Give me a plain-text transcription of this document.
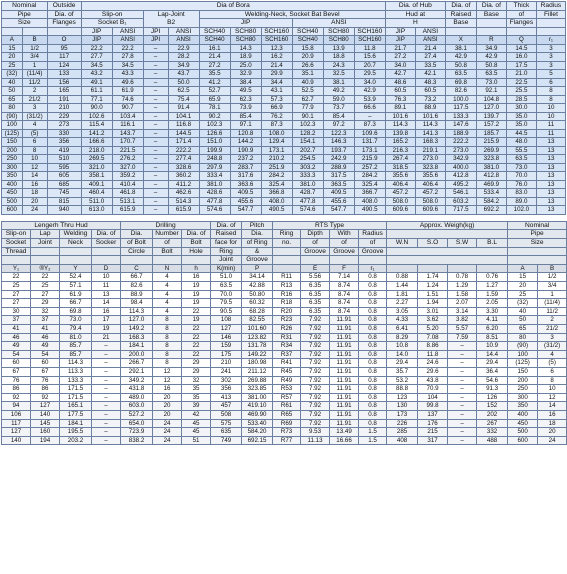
Nominal		Outside	Dia of Bora										Dia. of Hub		Dia. of	Dia. of	Thick	Radius
Pipe		Dia. of	Slip-on		Lap-Joint
B2		Welding-Neck, Socket Bat Bevel						Hud at		Raised	Base	of	Fillet
Size		Flanges	Socket B₁				JIP			ANSI			H		Base		Flanges	
			JIP	ANSI	JPI	ANSI	SCH40	SCH80	SCH160	SCH40	SCH80	SCH160	JIP	ANSI				
A	B	O	JIP	ANSI	JPI	ANSI	SCH40	SCH80	SCH160	SCH40	SCH80	SCH160	JIP	ANSI	X	R	Q	r₁
15	1/2	95	22.2	22.2	–	22.9	16.1	14.3	12.3	15.8	13.9	11.8	21.7	21.4	38.1	34.9	14.5	3
20	3/4	117	27.7	27.8	–	28.2	21.4	18.9	16.2	20.9	18.8	15.6	27.2	27.4	42.9	42.9	16.0	3
25	1	124	34.5	34.5	–	34.9	27.2	25.0	21.4	26.6	24.3	20.7	34.0	33.5	50.8	50.8	17.5	3
(32)	(11/4)	133	43.2	43.3	–	43.7	35.5	32.9	29.9	35.1	32.5	29.5	42.7	42.1	63.5	63.5	21.0	5
40	11/2	156	49.1	49.6	–	50.0	41.2	38.4	34.4	40.9	38.1	34.0	48.6	48.3	69.8	73.0	22.5	6
50	2	165	61.1	61.9	–	62.5	52.7	49.5	43.1	52.5	49.2	42.9	60.5	60.5	82.6	92.1	25.5	8
65	21/2	191	77.1	74.6	–	75.4	65.9	62.3	57.3	62.7	59.0	53.9	76.3	73.2	100.0	104.8	28.5	8
80	3	210	90.0	90.7	–	91.4	78.1	73.9	66.9	77.9	73.7	66.6	89.1	88.9	117.5	127.0	30.0	10
(90)	(31/2)	229	102.6	103.4	–	104.1	90.2	85.4	76.2	90.1	85.4	–	101.6	101.6	133.3	139.7	35.0	10
100	4	273	115.4	116.1	–	116.8	102.3	97.1	87.3	102.3	97.2	87.3	114.3	114.3	147.6	157.2	35.0	11
(125)	(5)	330	141.2	143.7	–	144.5	126.6	120.8	108.0	128.2	122.3	109.6	139.8	141.3	188.9	185.7	44.5	11
150	6	356	166.6	170.7	–	171.4	151.0	144.2	129.4	154.1	146.3	131.7	165.2	168.3	222.2	215.9	48.0	13
200	8	419	218.0	221.5	–	222.2	199.9	190.9	173.1	202.7	193.7	173.1	216.3	219.1	273.0	269.9	55.5	13
250	10	510	269.5	276.2	–	277.4	248.8	237.2	210.2	254.5	242.9	215.9	267.4	273.0	342.9	323.8	63.5	13
300	12	595	321.0	327.0	–	328.6	297.9	283.7	251.9	303.2	288.9	257.2	318.5	323.8	400.0	381.0	73.0	13
350	14	605	358.1	359.2	–	360.2	333.4	317.6	284.2	333.3	317.5	284.2	355.6	355.6	412.8	412.8	70.0	13
400	16	685	409.1	410.4	–	411.2	381.0	363.6	325.4	381.0	363.5	325.4	406.4	406.4	495.2	469.9	76.0	13
450	18	745	460.4	461.8	–	462.6	428.6	409.5	366.8	428.7	409.5	366.7	457.2	457.2	546.1	533.4	83.0	13
500	20	815	511.0	513.1	–	514.3	477.8	455.6	408.0	477.8	455.6	408.0	508.0	508.0	603.2	584.2	89.0	13
600	24	940	613.0	615.9	–	615.9	574.6	547.7	490.5	574.6	547.7	490.5	609.6	609.6	717.5	692.2	102.0	13
Lengerh Thru Hud				Drilling			Dia. of	Pitch	RTS Type				Approx. Weigh(kg)				Nominal	
Slip-on	Lap	Welding	Dia. of	Dia.	Number	Dia. of	Raised	Dia.	Ring	Dipth	With	Radius					Pipe	
Socket	Joint	Neck	Socker	of Bolt	of	Bolt	face for	of Ring	no.	of	of	of	W.N	S.O	S.W	B.L	Size	
Thread				Circle	Bolt	Hole	Ring	&		Groove	Groove	Groove						
							Joint	Groove										
Y₁	®Y₂	Y	D	C	N	h	K(min)	P		E	F	r₁					A	B
22	22	52.4	10	66.7	4	16	51.0	34.14	R11	5.56	7.14	0.8	0.88	1.74	0.78	0.76	15	1/2
25	25	57.1	11	82.6	4	19	63.5	42.88	R13	6.35	8.74	0.8	1.44	1.24	1.29	1.27	20	3/4
27	27	61.9	13	88.9	4	19	70.0	50.80	R16	6.35	8.74	0.8	1.81	1.51	1.58	1.59	25	1
27	29	66.7	14	98.4	4	19	79.5	60.32	R18	6.35	8.74	0.8	2.27	1.94	2.07	2.05	(32)	(11/4)
30	32	69.8	16	114.3	4	22	90.5	68.28	R20	6.35	8.74	0.8	3.05	3.01	3.14	3.30	40	11/2
37	37	73.0	17	127.0	8	19	108	82.55	R23	7.92	11.91	0.8	4.33	3.62	3.82	4.11	50	2
41	41	79.4	19	149.2	8	22	127	101.60	R26	7.92	11.91	0.8	6.41	5.20	5.57	6.20	65	21/2
46	46	81.0	21	168.3	8	22	146	123.82	R31	7.92	11.91	0.8	8.29	7.08	7.59	8.51	80	3
49	49	85.7	–	184.1	8	22	159	131.78	R34	7.92	11.91	0.8	10.8	8.86	–	10.9	(90)	(31/2)
54	54	85.7	–	200.0	8	22	175	149.22	R37	7.92	11.91	0.8	14.0	11.8	–	14.4	100	4
60	60	114.3	–	266.7	8	29	210	180.98	R41	7.92	11.91	0.8	29.4	24.6	–	29.4	(125)	(5)
67	67	113.3	–	292.1	12	29	241	211.12	R45	7.92	11.91	0.8	35.7	29.6	–	36.4	150	6
76	76	133.3	–	349.2	12	32	302	269.88	R49	7.92	11.91	0.8	53.2	43.8	–	54.6	200	8
86	86	171.5	–	431.8	16	35	356	323.85	R53	7.92	11.91	0.8	88.8	70.9	–	91.3	250	10
92	92	171.5	–	489.0	20	35	413	381.00	R57	7.92	11.91	0.8	123	104	–	126	300	12
94	127	165.1	–	603.0	20	39	457	419.10	R61	7.92	11.91	0.8	130	99.8	–	152	350	14
106	140	177.5	–	527.2	20	42	508	469.90	R65	7.92	11.91	0.8	173	137	–	202	400	16
117	145	184.1	–	654.0	24	45	575	533.40	R69	7.92	11.91	0.8	226	176	–	267	450	18
127	160	195.5	–	723.9	24	45	635	584.20	R73	9.53	13.49	1.5	285	215	–	332	500	20
140	194	203.2	–	838.2	24	51	749	692.15	R77	11.13	16.66	1.5	408	317	–	488	600	24
